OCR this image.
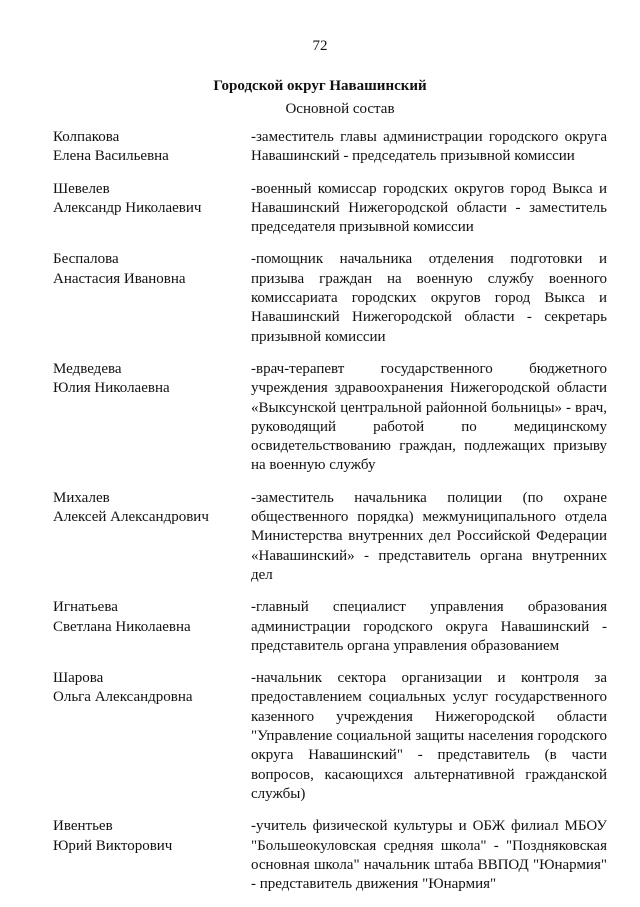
72
Городской округ Навашинский
Основной состав
Колпакова
Елена Васильевна
-заместитель главы администрации городского округа Навашинский - председатель призывной комиссии
Шевелев
Александр Николаевич
-военный комиссар городских округов город Выкса и Навашинский Нижегородской области - заместитель председателя призывной комиссии
Беспалова
Анастасия Ивановна
-помощник начальника отделения подготовки и призыва граждан на военную службу военного комиссариата городских округов город Выкса и Навашинский Нижегородской области - секретарь призывной комиссии
Медведева
Юлия Николаевна
-врач-терапевт государственного бюджетного учреждения здравоохранения Нижегородской области «Выксунской центральной районной больницы» - врач, руководящий работой по медицинскому освидетельствованию граждан, подлежащих призыву на военную службу
Михалев
Алексей Александрович
-заместитель начальника полиции (по охране общественного порядка) межмуниципального отдела Министерства внутренних дел Российской Федерации «Навашинский» - представитель органа внутренних дел
Игнатьева
Светлана Николаевна
-главный специалист управления образования администрации городского округа Навашинский - представитель органа управления образованием
Шарова
Ольга Александровна
-начальник сектора организации и контроля за предоставлением социальных услуг государственного казенного учреждения Нижегородской области "Управление социальной защиты населения городского округа Навашинский" - представитель (в части вопросов, касающихся альтернативной гражданской службы)
Ивентьев
Юрий Викторович
-учитель физической культуры и ОБЖ филиал МБОУ "Большеокуловская средняя школа" - "Поздняковская основная школа" начальник штаба ВВПОД "Юнармия" - представитель движения "Юнармия"
